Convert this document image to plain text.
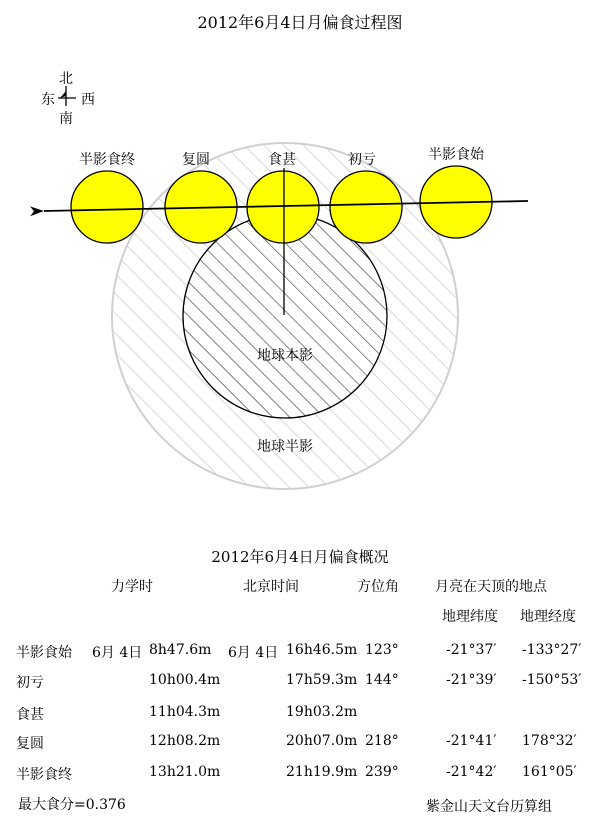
2012年6月4日月偏食过程图
北
南
东 西
半影食终	复圆	食甚	初亏	半影食始
地球本影
地球半影
2012年6月4日月偏食概况
力学时	北京时间	方位角	月亮在天顶的地点
地理纬度 地理经度
半影食始 6月 4日 8h47.6m 6月 4日 16h46.5m 123°	-21°37′ -133°27′
初亏	10h00.4m	17h59.3m 144°	-21°39′ -150°53′
食甚	11h04.3m	19h03.2m
复圆	12h08.2m	20h07.0m 218°	-21°41′ 178°32′
半影食终	13h21.0m	21h19.9m 239°	-21°42′ 161°05′
最大食分=0.376	紫金山天文台历算组
